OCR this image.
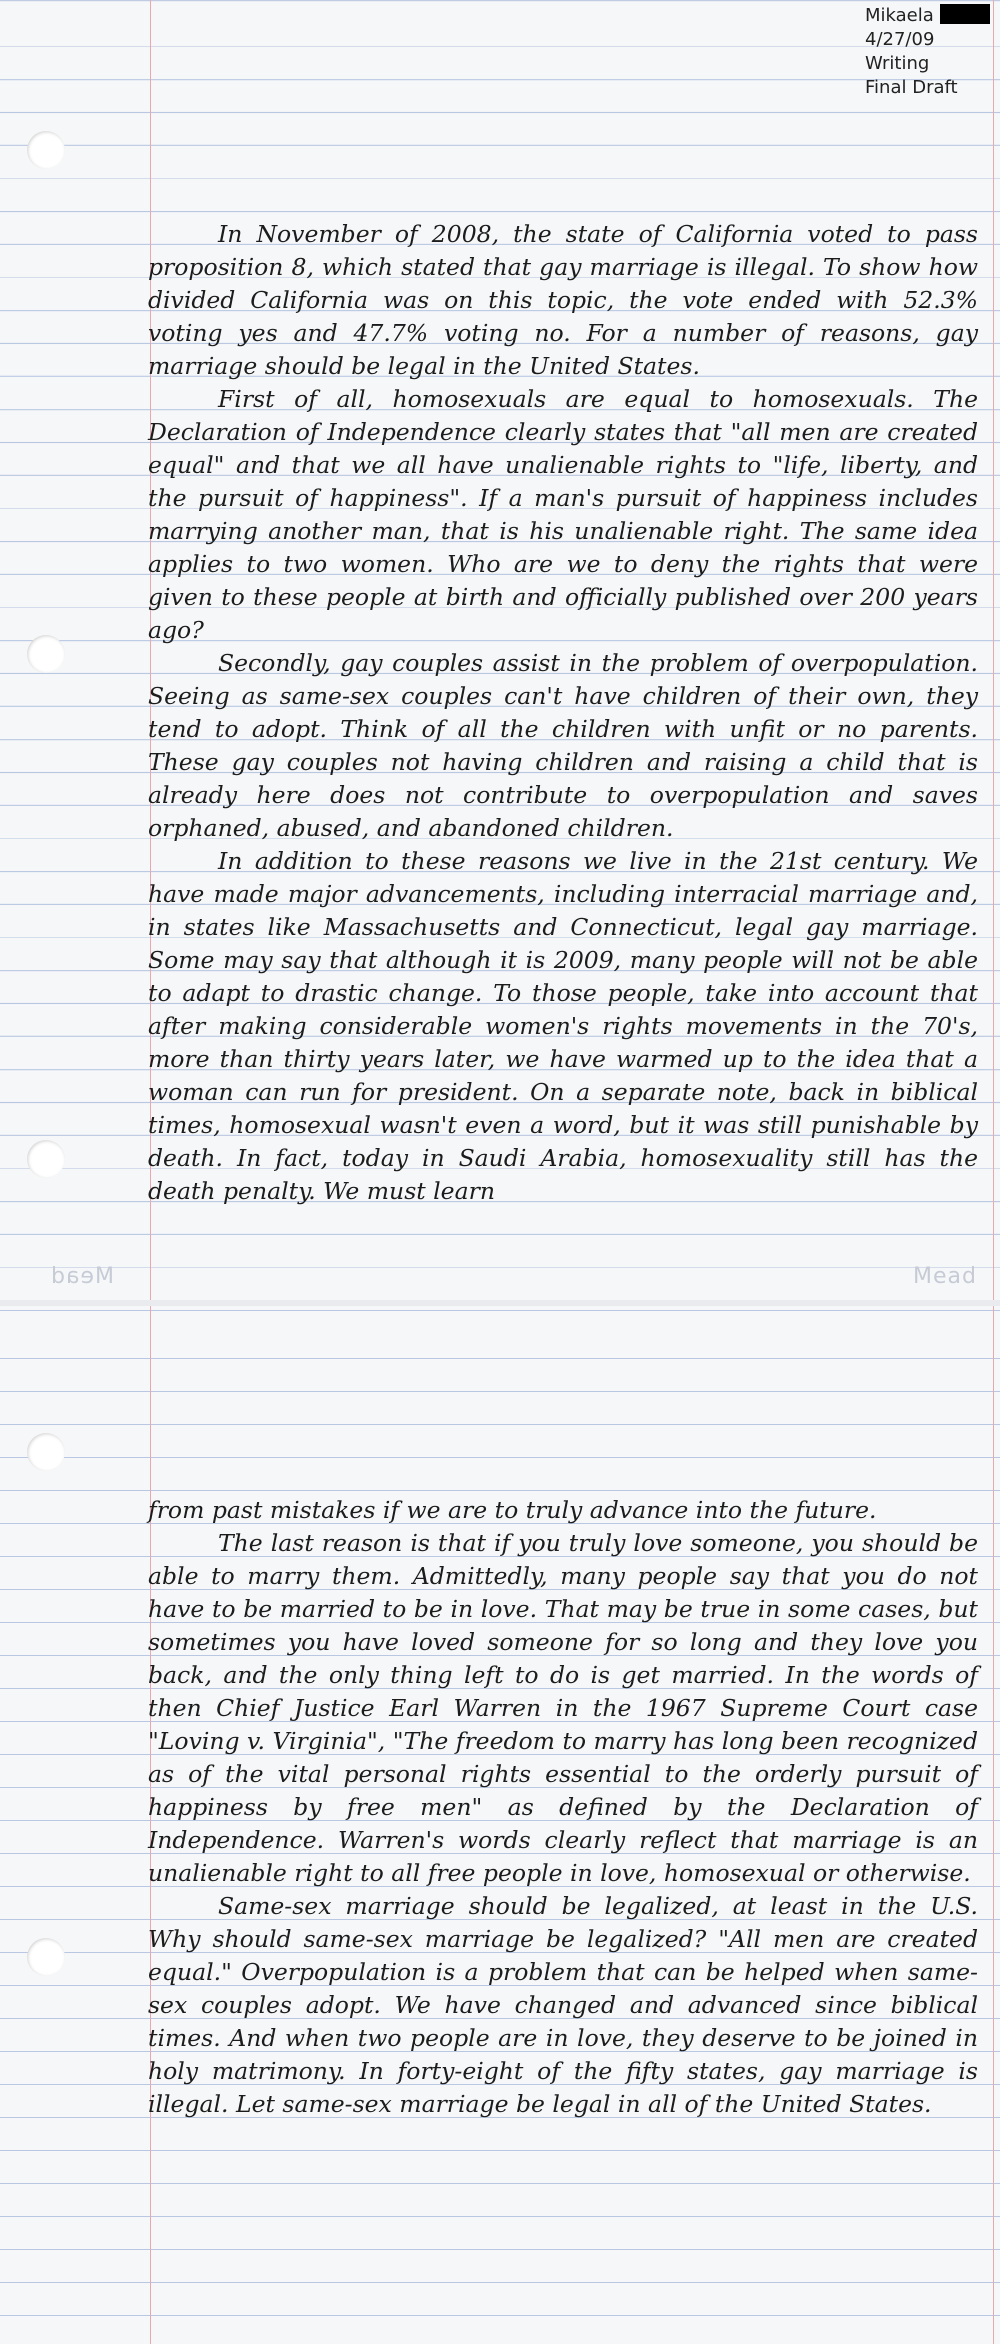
Mead	Mead
Mikaela
4/27/09
Writing
Final Draft

In November of 2008, the state of California voted to pass proposition 8, which stated that gay marriage is illegal. To show how divided California was on this topic, the vote ended with 52.3% voting yes and 47.7% voting no. For a number of reasons, gay marriage should be legal in the United States.

First of all, homosexuals are equal to homosexuals. The Declaration of Independence clearly states that "all men are created equal" and that we all have unalienable rights to "life, liberty, and the pursuit of happiness". If a man's pursuit of happiness includes marrying another man, that is his unalienable right. The same idea applies to two women. Who are we to deny the rights that were given to these people at birth and officially published over 200 years ago?

Secondly, gay couples assist in the problem of overpopulation. Seeing as same-sex couples can't have children of their own, they tend to adopt. Think of all the children with unfit or no parents. These gay couples not having children and raising a child that is already here does not contribute to overpopulation and saves orphaned, abused, and abandoned children.

In addition to these reasons we live in the 21st century. We have made major advancements, including interracial marriage and, in states like Massachusetts and Connecticut, legal gay marriage. Some may say that although it is 2009, many people will not be able to adapt to drastic change. To those people, take into account that after making considerable women's rights movements in the 70's, more than thirty years later, we have warmed up to the idea that a woman can run for president. On a separate note, back in biblical times, homosexual wasn't even a word, but it was still punishable by death. In fact, today in Saudi Arabia, homosexuality still has the death penalty. We must learn

from past mistakes if we are to truly advance into the future.

The last reason is that if you truly love someone, you should be able to marry them. Admittedly, many people say that you do not have to be married to be in love. That may be true in some cases, but sometimes you have loved someone for so long and they love you back, and the only thing left to do is get married. In the words of then Chief Justice Earl Warren in the 1967 Supreme Court case "Loving v. Virginia", "The freedom to marry has long been recognized as of the vital personal rights essential to the orderly pursuit of happiness by free men" as defined by the Declaration of Independence. Warren's words clearly reflect that marriage is an unalienable right to all free people in love, homosexual or otherwise.

Same-sex marriage should be legalized, at least in the U.S. Why should same-sex marriage be legalized? "All men are created equal." Overpopulation is a problem that can be helped when same-sex couples adopt. We have changed and advanced since biblical times. And when two people are in love, they deserve to be joined in holy matrimony. In forty-eight of the fifty states, gay marriage is illegal. Let same-sex marriage be legal in all of the United States.
